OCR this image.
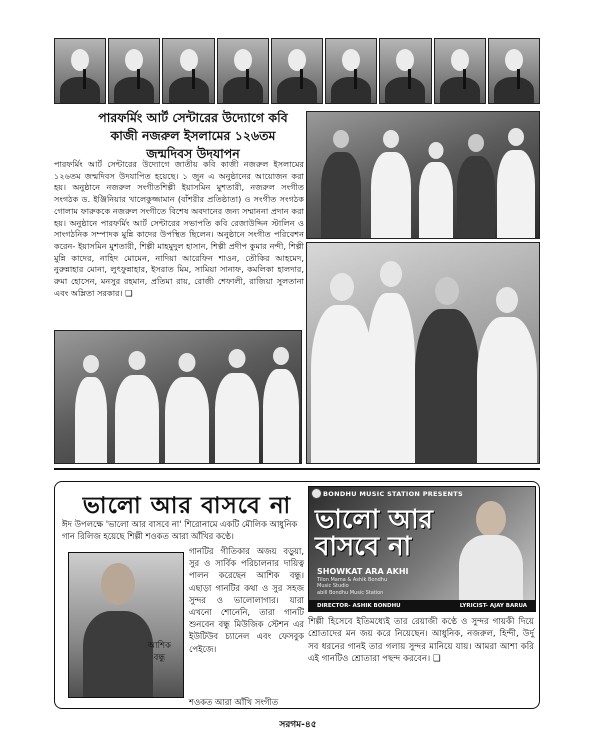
পারফর্মিং আর্ট সেন্টারের উদ্যোগে কবি
কাজী নজরুল ইসলামের ১২৬তম
জন্মদিবস উদযাপন
পারফর্মিং আর্ট সেন্টারের উদ্যোগে জাতীয় কবি কাজী নজরুল ইসলামের ১২৬তম জন্মদিবস উদযাপিত হয়েছে। ১ জুন এ অনুষ্ঠানের আয়োজন করা হয়। অনুষ্ঠানে নজরুল সংগীতশিল্পী ইয়াসমিন মুশতারী, নজরুল সংগীত সংগঠক ড. ইঞ্জিনিয়ার খালেকুজ্জামান (বাঁশরীর প্রতিষ্ঠাতা) ও সংগীত সংগঠক গোলাম ফারুককে নজরুল সংগীতে বিশেষ অবদানের জন্য সম্মাননা প্রদান করা হয়। অনুষ্ঠানে পারফর্মিং আর্ট সেন্টারের সভাপতি কবি রেজাউদ্দিন স্টালিন ও সাংগঠনিক সম্পাদক মুন্নি কাদের উপস্থিত ছিলেন। অনুষ্ঠানে সংগীত পরিবেশন করেন- ইয়াসমিন মুশতারী, শিল্পী মাহমুদুল হাসান, শিল্পী প্রদীপ কুমার নন্দী, শিল্পী মুন্নি কাদের, নাহিদ মোমেন, নাদিয়া আরেফিন শাওন, তৌকির আহমেদ, নুরুন্নাহার মোনা, লুৎফুন্নাহার, ইসরাত মিম, সামিয়া সানাফ, কমলিকা হালদার, রুমা হোসেন, মনসুর রহমান, প্রতিমা রায়, রোজী শেফালী, রাজিয়া সুলতানা এবং অম্লিতা সরকার। ❑
ভালো আর বাসবে না
ঈদ উপলক্ষে 'ভালো আর বাসবে না' শিরোনামে একটি মৌলিক আধুনিক গান রিলিজ হয়েছে শিল্পী শওকত আরা আঁখির কণ্ঠে।
আশিক
বন্ধু
গানটির গীতিকার অজয় বড়ুয়া, সুর ও সার্বিক পরিচালনার দায়িত্ব পালন করেছেন আশিক বন্ধু। এছাড়া গানটির কথা ও সুর সহজ সুন্দর ও ভালোলাগার। যারা এখনো শোনেনি, তারা গানটি শুনবেন বন্ধু মিউজিক স্টেশন এর ইউটিউব চ্যানেল এবং ফেসবুক পেইজে।
শওকত আরা আঁখি সংগীত
BONDHU MUSIC STATION PRESENTS
ভালো আর বাসবে না
SHOWKAT ARA AKHI
Tilon Mama & Ashik Bondhu
Music Studio
abill Bondhu Music Station
DIRECTOR- ASHIK BONDHU	LYRICIST- AJAY BARUA
শিল্পী হিসেবে ইতিমধ্যেই তার রেয়াজী কণ্ঠে ও সুন্দর গায়কী দিয়ে শ্রোতাদের মন জয় করে নিয়েছেন। আধুনিক, নজরুল, হিন্দী, উর্দু সব ধরনের গানই তার গলায় সুন্দর মানিয়ে যায়। আমরা আশা করি এই গানটিও শ্রোতারা পছন্দ করবেন। ❑
সরগম-৪৫
